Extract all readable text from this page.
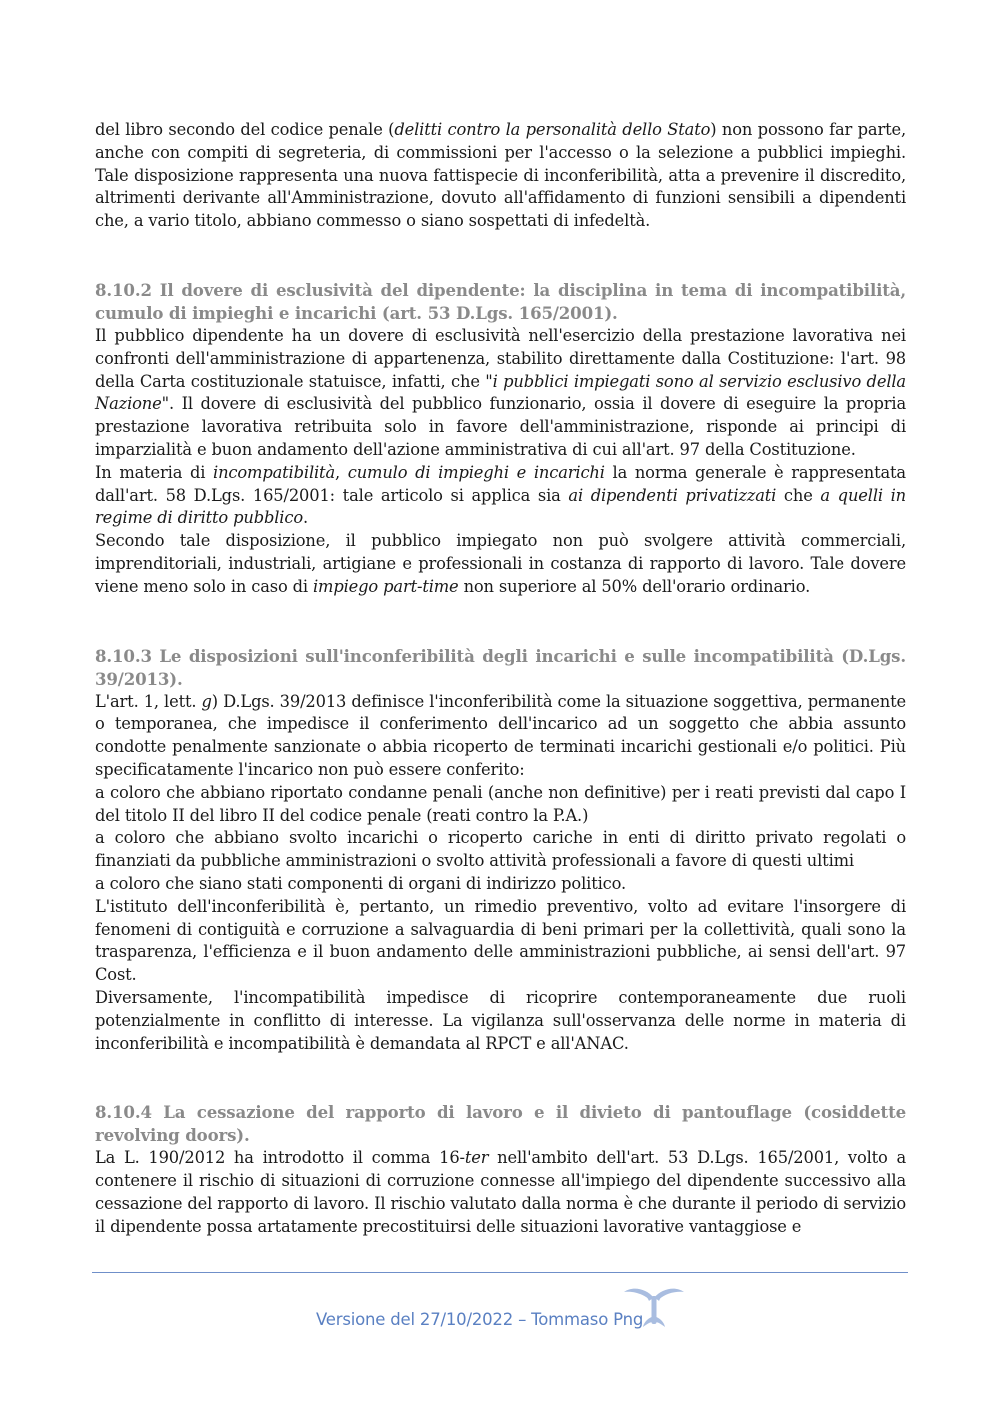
del libro secondo del codice penale (delitti contro la personalità dello Stato) non possono far parte, anche con compiti di segreteria, di commissioni per l'accesso o la selezione a pubblici impieghi. Tale disposizione rappresenta una nuova fattispecie di inconferibilità, atta a prevenire il discredito, altrimenti derivante all'Amministrazione, dovuto all'affidamento di funzioni sensibili a dipendenti che, a vario titolo, abbiano commesso o siano sospettati di infedeltà.

8.10.2 Il dovere di esclusività del dipendente: la disciplina in tema di incompatibilità, cumulo di impieghi e incarichi (art. 53 D.Lgs. 165/2001).

Il pubblico dipendente ha un dovere di esclusività nell'esercizio della prestazione lavorativa nei confronti dell'amministrazione di appartenenza, stabilito direttamente dalla Costituzione: l'art. 98 della Carta costituzionale statuisce, infatti, che "i pubblici impiegati sono al servizio esclusivo della Nazione". Il dovere di esclusività del pubblico funzionario, ossia il dovere di eseguire la propria prestazione lavorativa retribuita solo in favore dell'amministrazione, risponde ai principi di imparzialità e buon andamento dell'azione amministrativa di cui all'art. 97 della Costituzione.

In materia di incompatibilità, cumulo di impieghi e incarichi la norma generale è rappresentata dall'art. 58 D.Lgs. 165/2001: tale articolo si applica sia ai dipendenti privatizzati che a quelli in regime di diritto pubblico.

Secondo tale disposizione, il pubblico impiegato non può svolgere attività commerciali, imprenditoriali, industriali, artigiane e professionali in costanza di rapporto di lavoro. Tale dovere viene meno solo in caso di impiego part-time non superiore al 50% dell'orario ordinario.

8.10.3 Le disposizioni sull'inconferibilità degli incarichi e sulle incompatibilità (D.Lgs. 39/2013).

L'art. 1, lett. g) D.Lgs. 39/2013 definisce l'inconferibilità come la situazione soggettiva, permanente o temporanea, che impedisce il conferimento dell'incarico ad un soggetto che abbia assunto condotte penalmente sanzionate o abbia ricoperto de terminati incarichi gestionali e/o politici. Più specificatamente l'incarico non può essere conferito:

a coloro che abbiano riportato condanne penali (anche non definitive) per i reati previsti dal capo I del titolo II del libro II del codice penale (reati contro la P.A.)

a coloro che abbiano svolto incarichi o ricoperto cariche in enti di diritto privato regolati o finanziati da pubbliche amministrazioni o svolto attività professionali a favore di questi ultimi

a coloro che siano stati componenti di organi di indirizzo politico.

L'istituto dell'inconferibilità è, pertanto, un rimedio preventivo, volto ad evitare l'insorgere di fenomeni di contiguità e corruzione a salvaguardia di beni primari per la collettività, quali sono la trasparenza, l'efficienza e il buon andamento delle amministrazioni pubbliche, ai sensi dell'art. 97 Cost.

Diversamente, l'incompatibilità impedisce di ricoprire contemporaneamente due ruoli potenzialmente in conflitto di interesse. La vigilanza sull'osservanza delle norme in materia di inconferibilità e incompatibilità è demandata al RPCT e all'ANAC.

8.10.4 La cessazione del rapporto di lavoro e il divieto di pantouflage (cosiddette revolving doors).

La L. 190/2012 ha introdotto il comma 16-ter nell'ambito dell'art. 53 D.Lgs. 165/2001, volto a contenere il rischio di situazioni di corruzione connesse all'impiego del dipendente successivo alla cessazione del rapporto di lavoro. Il rischio valutato dalla norma è che durante il periodo di servizio il dipendente possa artatamente precostituirsi delle situazioni lavorative vantaggiose e

Versione del 27/10/2022 – Tommaso Png
